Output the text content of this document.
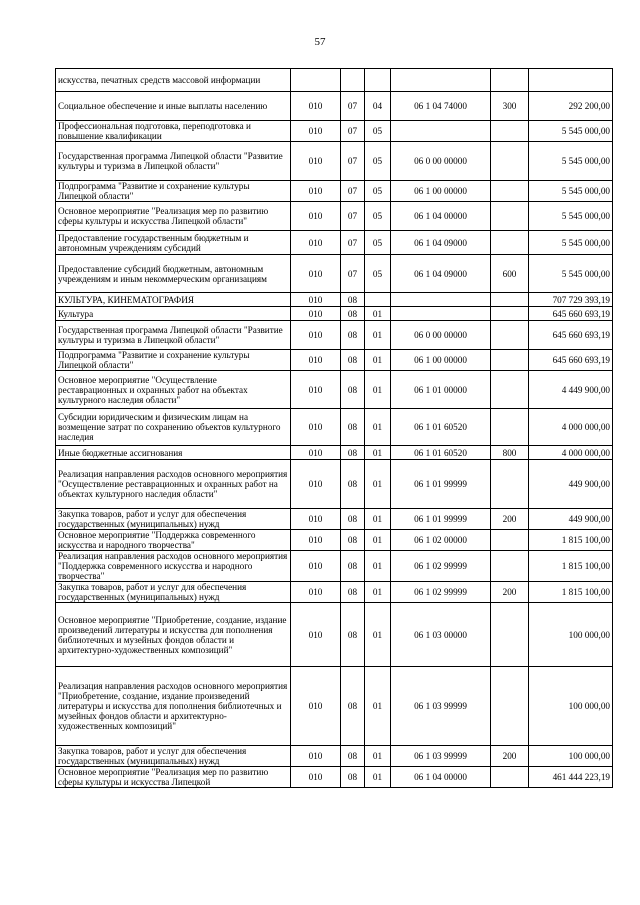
57
искусства, печатных средств массовой информации						
Социальное обеспечение и иные выплаты населению	010	07	04	06 1 04 74000	300	292 200,00
Профессиональная подготовка, переподготовка и повышение квалификации	010	07	05			5 545 000,00
Государственная программа Липецкой области "Развитие культуры и туризма в Липецкой области"	010	07	05	06 0 00 00000		5 545 000,00
Подпрограмма "Развитие и сохранение культуры Липецкой области"	010	07	05	06 1 00 00000		5 545 000,00
Основное мероприятие "Реализация мер по развитию сферы культуры и искусства Липецкой области"	010	07	05	06 1 04 00000		5 545 000,00
Предоставление государственным бюджетным и автономным учреждениям субсидий	010	07	05	06 1 04 09000		5 545 000,00
Предоставление субсидий бюджетным, автономным учреждениям и иным некоммерческим организациям	010	07	05	06 1 04 09000	600	5 545 000,00
КУЛЬТУРА, КИНЕМАТОГРАФИЯ	010	08				707 729 393,19
Культура	010	08	01			645 660 693,19
Государственная программа Липецкой области "Развитие культуры и туризма в Липецкой области"	010	08	01	06 0 00 00000		645 660 693,19
Подпрограмма "Развитие и сохранение культуры Липецкой области"	010	08	01	06 1 00 00000		645 660 693,19
Основное мероприятие "Осуществление реставрационных и охранных работ на объектах культурного наследия области"	010	08	01	06 1 01 00000		4 449 900,00
Субсидии юридическим и физическим лицам на возмещение затрат по сохранению объектов культурного наследия	010	08	01	06 1 01 60520		4 000 000,00
Иные бюджетные ассигнования	010	08	01	06 1 01 60520	800	4 000 000,00
Реализация направления расходов основного мероприятия "Осуществление реставрационных и охранных работ на объектах культурного наследия области"	010	08	01	06 1 01 99999		449 900,00
Закупка товаров, работ и услуг для обеспечения государственных (муниципальных) нужд	010	08	01	06 1 01 99999	200	449 900,00
Основное мероприятие "Поддержка современного искусства и народного творчества"	010	08	01	06 1 02 00000		1 815 100,00
Реализация направления расходов основного мероприятия "Поддержка современного искусства и народного творчества"	010	08	01	06 1 02 99999		1 815 100,00
Закупка товаров, работ и услуг для обеспечения государственных (муниципальных) нужд	010	08	01	06 1 02 99999	200	1 815 100,00
Основное мероприятие "Приобретение, создание, издание произведений литературы и искусства для пополнения библиотечных и музейных фондов области и архитектурно-художественных композиций"	010	08	01	06 1 03 00000		100 000,00
Реализация направления расходов основного мероприятия "Приобретение, создание, издание произведений литературы и искусства для пополнения библиотечных и музейных фондов области и архитектурно-художественных композиций"	010	08	01	06 1 03 99999		100 000,00
Закупка товаров, работ и услуг для обеспечения государственных (муниципальных) нужд	010	08	01	06 1 03 99999	200	100 000,00
Основное мероприятие "Реализация мер по развитию сферы культуры и искусства Липецкой	010	08	01	06 1 04 00000		461 444 223,19
